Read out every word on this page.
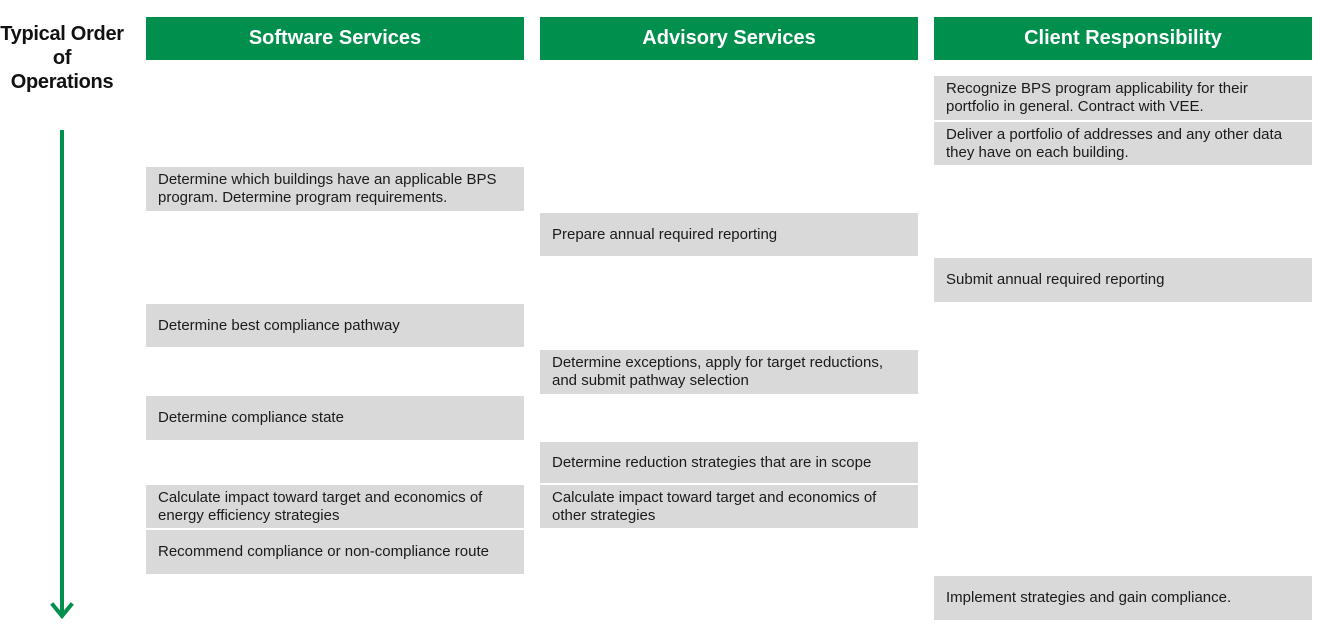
Typical Order of Operations
Software Services	Advisory Services	Client Responsibility
Recognize BPS program applicability for their portfolio in general. Contract with VEE.
Deliver a portfolio of addresses and any other data they have on each building.
Determine which buildings have an applicable BPS program. Determine program requirements.
Prepare annual required reporting
Submit annual required reporting
Determine best compliance pathway
Determine exceptions, apply for target reductions, and submit pathway selection
Determine compliance state
Determine reduction strategies that are in scope
Calculate impact toward target and economics of energy efficiency strategies
Calculate impact toward target and economics of other strategies
Recommend compliance or non-compliance route
Implement strategies and gain compliance.
